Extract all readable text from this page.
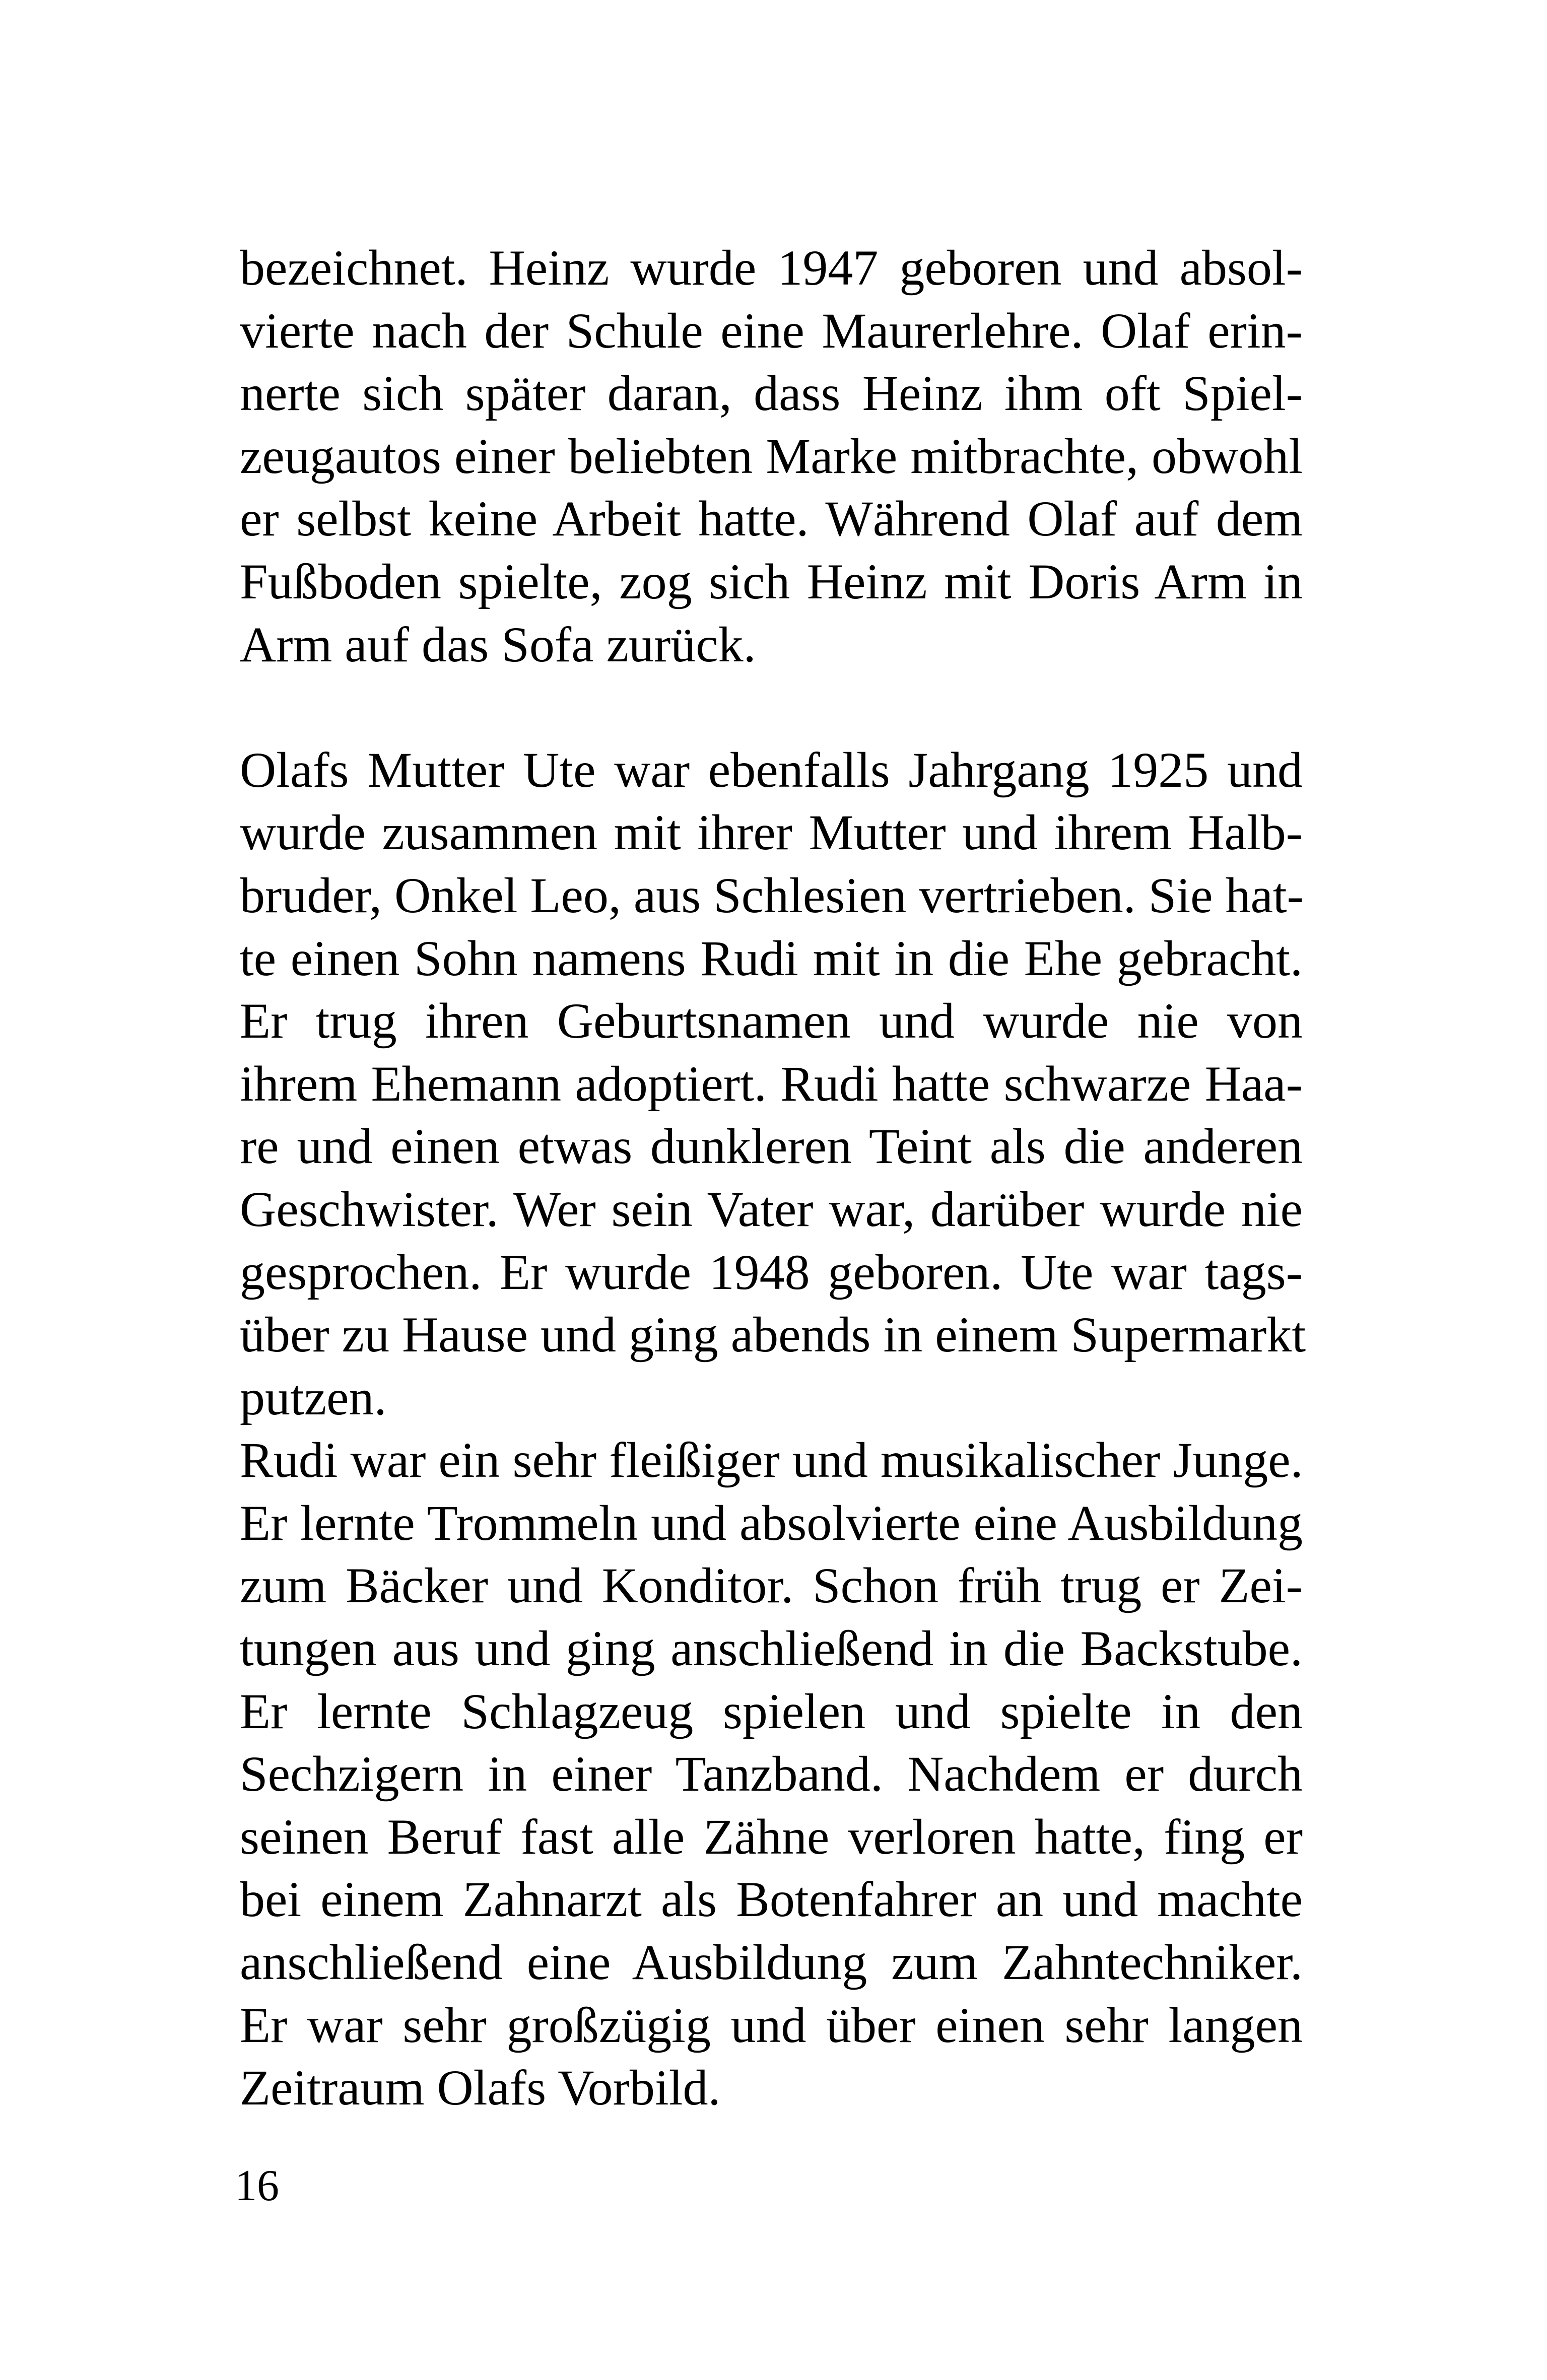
bezeichnet. Heinz wurde 1947 geboren und absol-
vierte nach der Schule eine Maurerlehre. Olaf erin-
nerte sich später daran, dass Heinz ihm oft Spiel-
zeugautos einer beliebten Marke mitbrachte, obwohl
er selbst keine Arbeit hatte. Während Olaf auf dem
Fußboden spielte, zog sich Heinz mit Doris Arm in
Arm auf das Sofa zurück.
Olafs Mutter Ute war ebenfalls Jahrgang 1925 und
wurde zusammen mit ihrer Mutter und ihrem Halb-
bruder, Onkel Leo, aus Schlesien vertrieben. Sie hat-
te einen Sohn namens Rudi mit in die Ehe gebracht.
Er trug ihren Geburtsnamen und wurde nie von
ihrem Ehemann adoptiert. Rudi hatte schwarze Haa-
re und einen etwas dunkleren Teint als die anderen
Geschwister. Wer sein Vater war, darüber wurde nie
gesprochen. Er wurde 1948 geboren. Ute war tags-
über zu Hause und ging abends in einem Supermarkt
putzen.
Rudi war ein sehr fleißiger und musikalischer Junge.
Er lernte Trommeln und absolvierte eine Ausbildung
zum Bäcker und Konditor. Schon früh trug er Zei-
tungen aus und ging anschließend in die Backstube.
Er lernte Schlagzeug spielen und spielte in den
Sechzigern in einer Tanzband. Nachdem er durch
seinen Beruf fast alle Zähne verloren hatte, fing er
bei einem Zahnarzt als Botenfahrer an und machte
anschließend eine Ausbildung zum Zahntechniker.
Er war sehr großzügig und über einen sehr langen
Zeitraum Olafs Vorbild.
16
